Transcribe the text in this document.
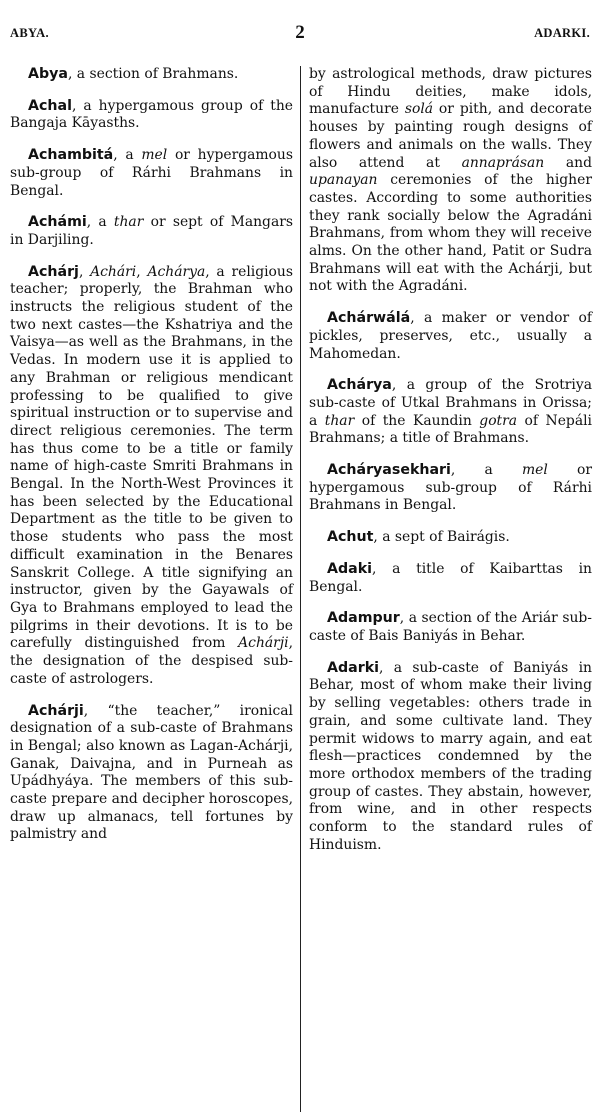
ABYA.	2	ADARKI.

Abya, a section of Brahmans.

Achal, a hypergamous group of the Bangaja Kāyasths.

Achambitá, a mel or hypergamous sub-group of Rárhi Brahmans in Bengal.

Achámi, a thar or sept of Mangars in Darjiling.

Achárj, Achári, Achárya, a religious teacher; properly, the Brahman who instructs the religious student of the two next castes—the Kshatriya and the Vaisya—as well as the Brahmans, in the Vedas. In modern use it is applied to any Brahman or religious mendicant professing to be qualified to give spiritual instruction or to supervise and direct religious ceremonies. The term has thus come to be a title or family name of high-caste Smriti Brahmans in Bengal. In the North-West Provinces it has been selected by the Educational Department as the title to be given to those students who pass the most difficult examination in the Benares Sanskrit College. A title signifying an instructor, given by the Gayawals of Gya to Brahmans employed to lead the pilgrims in their devotions. It is to be carefully distinguished from Achárji, the designation of the despised sub-caste of astrologers.

Achárji, “the teacher,” ironical designation of a sub-caste of Brahmans in Bengal; also known as Lagan-Achárji, Ganak, Daivajna, and in Purneah as Upádhyáya. The members of this sub-caste prepare and decipher horoscopes, draw up almanacs, tell fortunes by palmistry and

by astrological methods, draw pictures of Hindu deities, make idols, manufacture solá or pith, and decorate houses by painting rough designs of flowers and animals on the walls. They also attend at annaprásan and upanayan ceremonies of the higher castes. According to some authorities they rank socially below the Agradáni Brahmans, from whom they will receive alms. On the other hand, Patit or Sudra Brahmans will eat with the Achárji, but not with the Agradáni.

Achárwálá, a maker or vendor of pickles, preserves, etc., usually a Mahomedan.

Achárya, a group of the Srotriya sub-caste of Utkal Brahmans in Orissa; a thar of the Kaundin gotra of Nepáli Brahmans; a title of Brahmans.

Acháryasekhari, a mel or hypergamous sub-group of Rárhi Brahmans in Bengal.

Achut, a sept of Bairágis.

Adaki, a title of Kaibarttas in Bengal.

Adampur, a section of the Ariár sub-caste of Bais Baniyás in Behar.

Adarki, a sub-caste of Baniyás in Behar, most of whom make their living by selling vegetables: others trade in grain, and some cultivate land. They permit widows to marry again, and eat flesh—practices condemned by the more orthodox members of the trading group of castes. They abstain, however, from wine, and in other respects conform to the standard rules of Hinduism.
